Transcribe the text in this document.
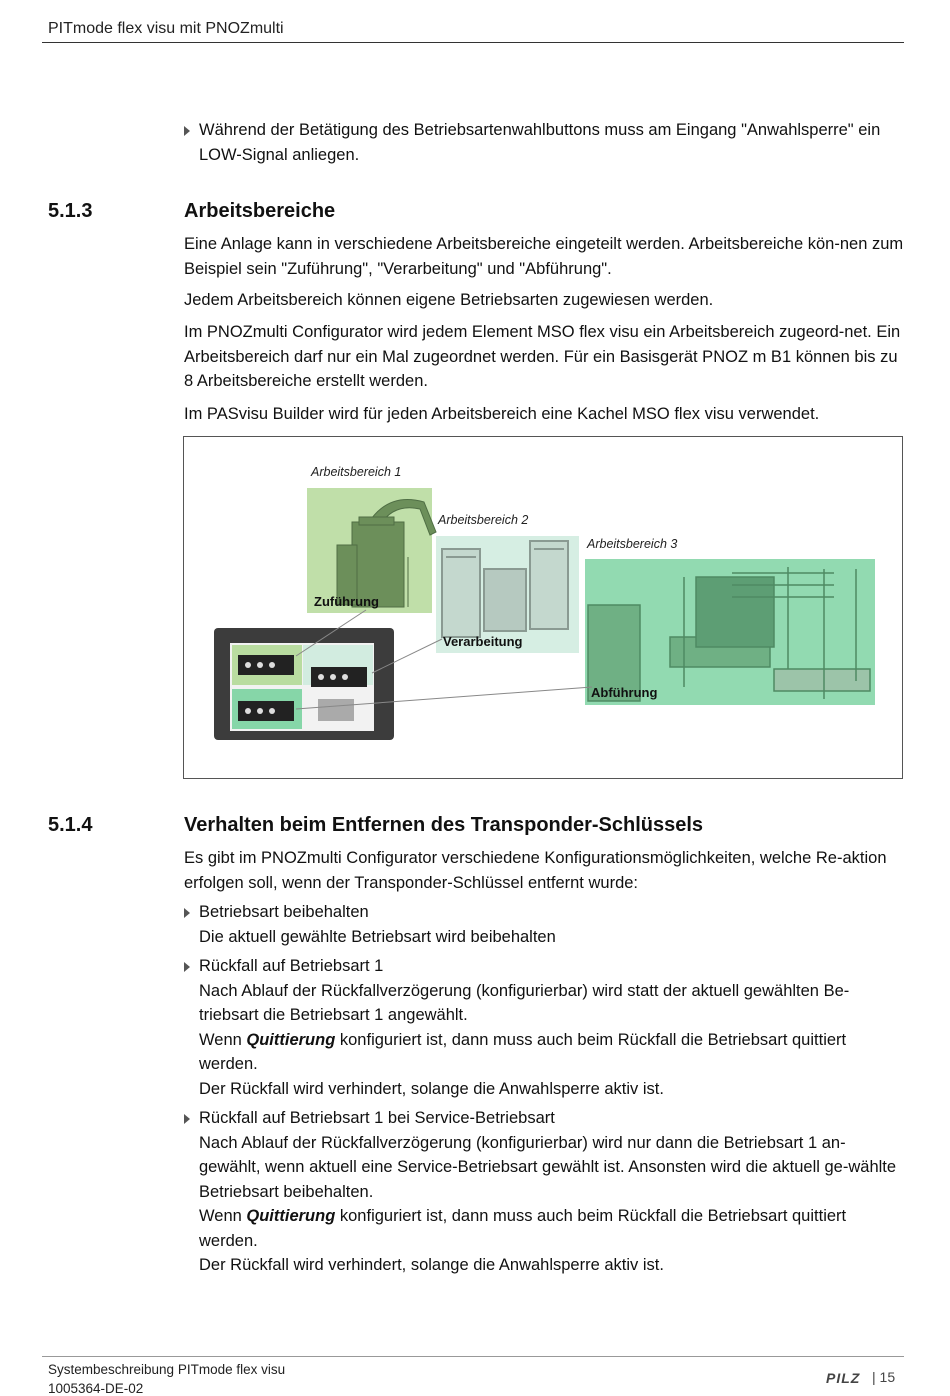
PITmode flex visu mit PNOZmulti
Während der Betätigung des Betriebsartenwahlbuttons muss am Eingang "Anwahlsperre" ein LOW-Signal anliegen.
5.1.3	Arbeitsbereiche

Eine Anlage kann in verschiedene Arbeitsbereiche eingeteilt werden. Arbeitsbereiche kön-nen zum Beispiel sein "Zuführung", "Verarbeitung" und "Abführung".

Jedem Arbeitsbereich können eigene Betriebsarten zugewiesen werden.

Im PNOZmulti Configurator wird jedem Element MSO flex visu ein Arbeitsbereich zugeord-net. Ein Arbeitsbereich darf nur ein Mal zugeordnet werden. Für ein Basisgerät PNOZ m B1 können bis zu 8 Arbeitsbereiche erstellt werden.

Im PASvisu Builder wird für jeden Arbeitsbereich eine Kachel MSO flex visu verwendet.

Arbeitsbereich 1
Arbeitsbereich 2
Arbeitsbereich 3
Zuführung
Verarbeitung
Abführung
5.1.4	Verhalten beim Entfernen des Transponder-Schlüssels

Es gibt im PNOZmulti Configurator verschiedene Konfigurationsmöglichkeiten, welche Re-aktion erfolgen soll, wenn der Transponder-Schlüssel entfernt wurde:

Betriebsart beibehalten
Die aktuell gewählte Betriebsart wird beibehalten
Rückfall auf Betriebsart 1
Nach Ablauf der Rückfallverzögerung (konfigurierbar) wird statt der aktuell gewählten Be-triebsart die Betriebsart 1 angewählt.
Wenn Quittierung konfiguriert ist, dann muss auch beim Rückfall die Betriebsart quittiert werden.
Der Rückfall wird verhindert, solange die Anwahlsperre aktiv ist.
Rückfall auf Betriebsart 1 bei Service-Betriebsart
Nach Ablauf der Rückfallverzögerung (konfigurierbar) wird nur dann die Betriebsart 1 an-gewählt, wenn aktuell eine Service-Betriebsart gewählt ist. Ansonsten wird die aktuell ge-wählte Betriebsart beibehalten.
Wenn Quittierung konfiguriert ist, dann muss auch beim Rückfall die Betriebsart quittiert werden.
Der Rückfall wird verhindert, solange die Anwahlsperre aktiv ist.
Systembeschreibung PITmode flex visu
1005364-DE-02
PILZ | 15
